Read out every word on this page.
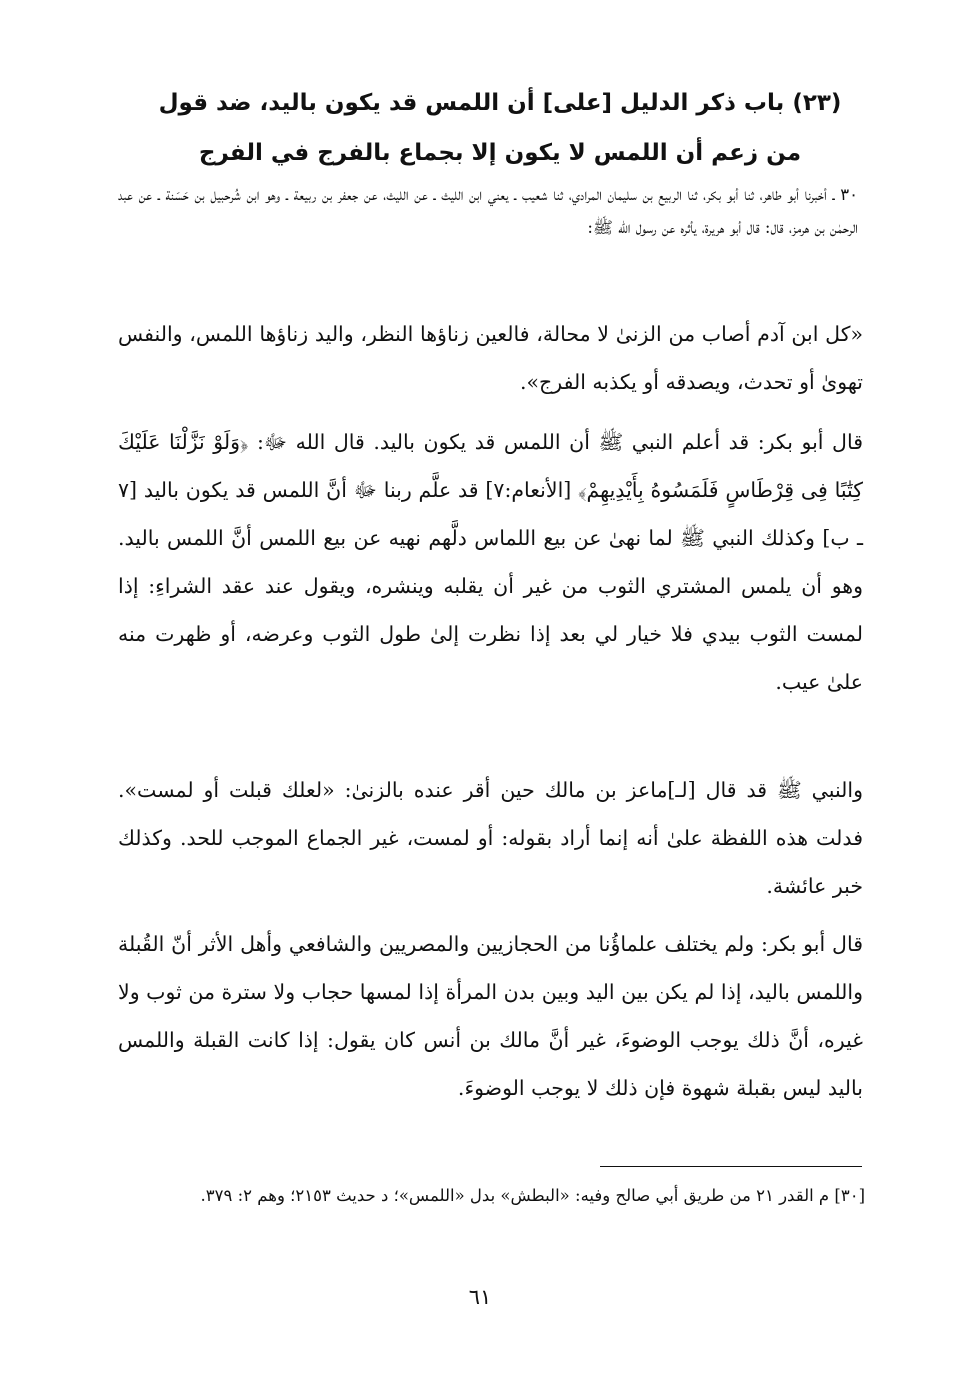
(٢٣) باب ذكر الدليل [على] أن اللمس قد يكون باليد، ضد قول من زعم أن اللمس لا يكون إلا بجماع بالفرج في الفرج

٣٠ ـ أخبرنا أبو طاهر، ثنا أبو بكر، ثنا الربيع بن سليمان المرادي، ثنا شعيب ـ يعني ابن الليث ـ عن الليث، عن جعفر بن ربيعة ـ وهو ابن شُرحبيل بن حَسَنة ـ عن عبد الرحمٰن بن هرمز، قال: قال أبو هريرة، يأثره عن رسول الله ﷺ:

«كل ابن آدم أصاب من الزنىٰ لا محالة، فالعين زناؤها النظر، واليد زناؤها اللمس، والنفس تهوىٰ أو تحدث، ويصدقه أو يكذبه الفرج».

قال أبو بكر: قد أعلم النبي ﷺ أن اللمس قد يكون باليد. قال الله ﷻ: ﴿وَلَوْ نَزَّلْنَا عَلَيْكَ كِتَٰبًا فِى قِرْطَاسٍ فَلَمَسُوهُ بِأَيْدِيهِمْ﴾ [الأنعام:٧] قد علَّم ربنا ﷻ أنَّ اللمس قد يكون باليد [٧ ـ ب] وكذلك النبي ﷺ لما نهىٰ عن بيع اللماس دلَّهم نهيه عن بيع اللمس أنَّ اللمس باليد. وهو أن يلمس المشتري الثوب من غير أن يقلبه وينشره، ويقول عند عقد الشراءِ: إذا لمست الثوب بيدي فلا خيار لي بعد إذا نظرت إلىٰ طول الثوب وعرضه، أو ظهرت منه علىٰ عيب.

والنبي ﷺ قد قال [لـ]ماعز بن مالك حين أقر عنده بالزنىٰ: «لعلك قبلت أو لمست». فدلت هذه اللفظة علىٰ أنه إنما أراد بقوله: أو لمست، غير الجماع الموجب للحد. وكذلك خبر عائشة.

قال أبو بكر: ولم يختلف علماؤُنا من الحجازيين والمصريين والشافعي وأهل الأثر أنّ القُبلة واللمس باليد، إذا لم يكن بين اليد وبين بدن المرأة إذا لمسها حجاب ولا سترة من ثوب ولا غيره، أنَّ ذلك يوجب الوضوءَ، غير أنَّ مالك بن أنس كان يقول: إذا كانت القبلة واللمس باليد ليس بقبلة شهوة فإن ذلك لا يوجب الوضوءَ.

[٣٠] م القدر ٢١ من طريق أبي صالح وفيه: «البطش» بدل «اللمس»؛ د حديث ٢١٥٣؛ وهم ٢: ٣٧٩.

٦١
